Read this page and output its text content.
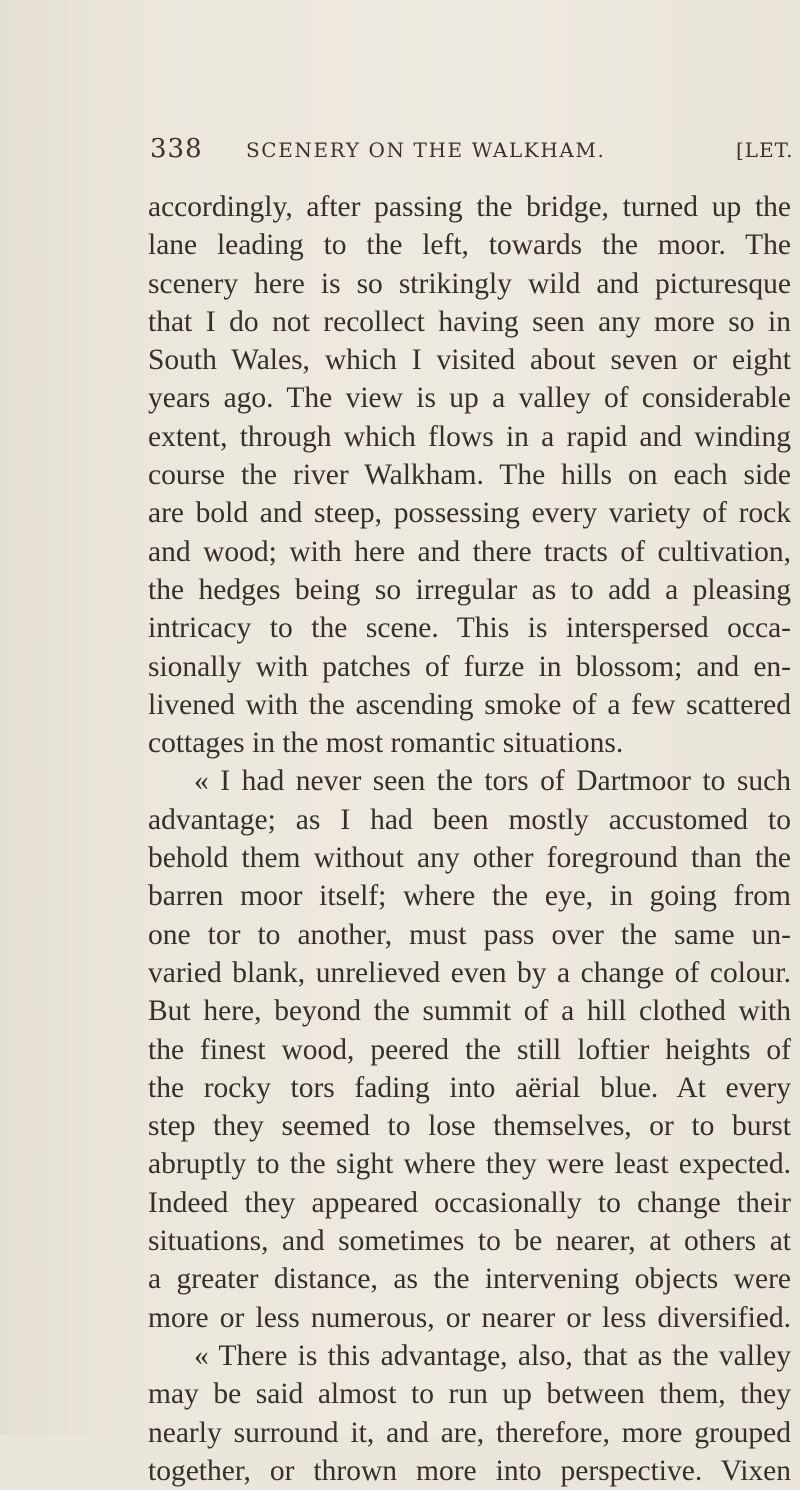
338 SCENERY ON THE WALKHAM.	[LET.
accordingly, after passing the bridge, turned up the
lane leading to the left, towards the moor. The
scenery here is so strikingly wild and picturesque
that I do not recollect having seen any more so in
South Wales, which I visited about seven or eight
years ago. The view is up a valley of considerable
extent, through which flows in a rapid and winding
course the river Walkham. The hills on each side
are bold and steep, possessing every variety of rock
and wood; with here and there tracts of cultivation,
the hedges being so irregular as to add a pleasing
intricacy to the scene. This is interspersed occa-
sionally with patches of furze in blossom; and en-
livened with the ascending smoke of a few scattered
cottages in the most romantic situations.
« I had never seen the tors of Dartmoor to such
advantage; as I had been mostly accustomed to
behold them without any other foreground than the
barren moor itself; where the eye, in going from
one tor to another, must pass over the same un-
varied blank, unrelieved even by a change of colour.
But here, beyond the summit of a hill clothed with
the finest wood, peered the still loftier heights of
the rocky tors fading into aërial blue. At every
step they seemed to lose themselves, or to burst
abruptly to the sight where they were least expected.
Indeed they appeared occasionally to change their
situations, and sometimes to be nearer, at others at
a greater distance, as the intervening objects were
more or less numerous, or nearer or less diversified.
« There is this advantage, also, that as the valley
may be said almost to run up between them, they
nearly surround it, and are, therefore, more grouped
together, or thrown more into perspective. Vixen
